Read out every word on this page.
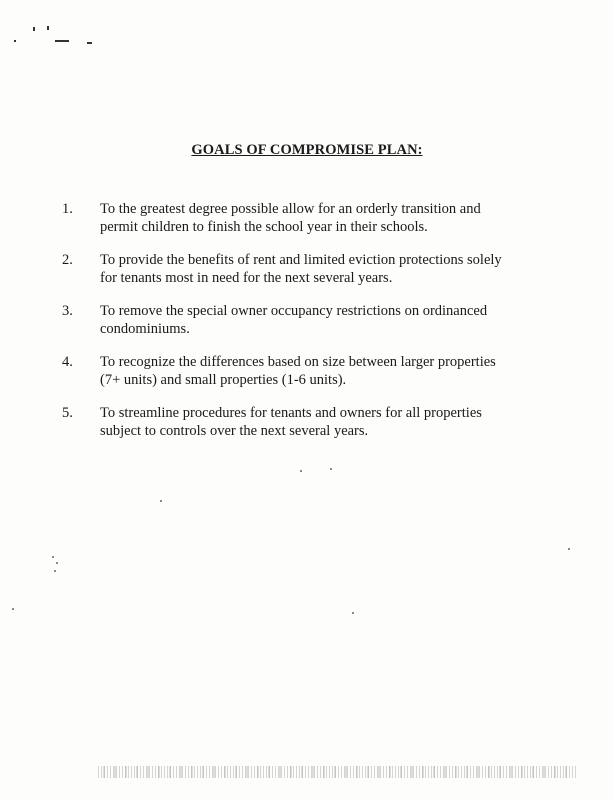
GOALS OF COMPROMISE PLAN:
1.	To the greatest degree possible allow for an orderly transition and
permit children to finish the school year in their schools.
2.	To provide the benefits of rent and limited eviction protections solely
for tenants most in need for the next several years.
3.	To remove the special owner occupancy restrictions on ordinanced
condominiums.
4.	To recognize the differences based on size between larger properties
(7+ units) and small properties (1-6 units).
5.	To streamline procedures for tenants and owners for all properties
subject to controls over the next several years.
